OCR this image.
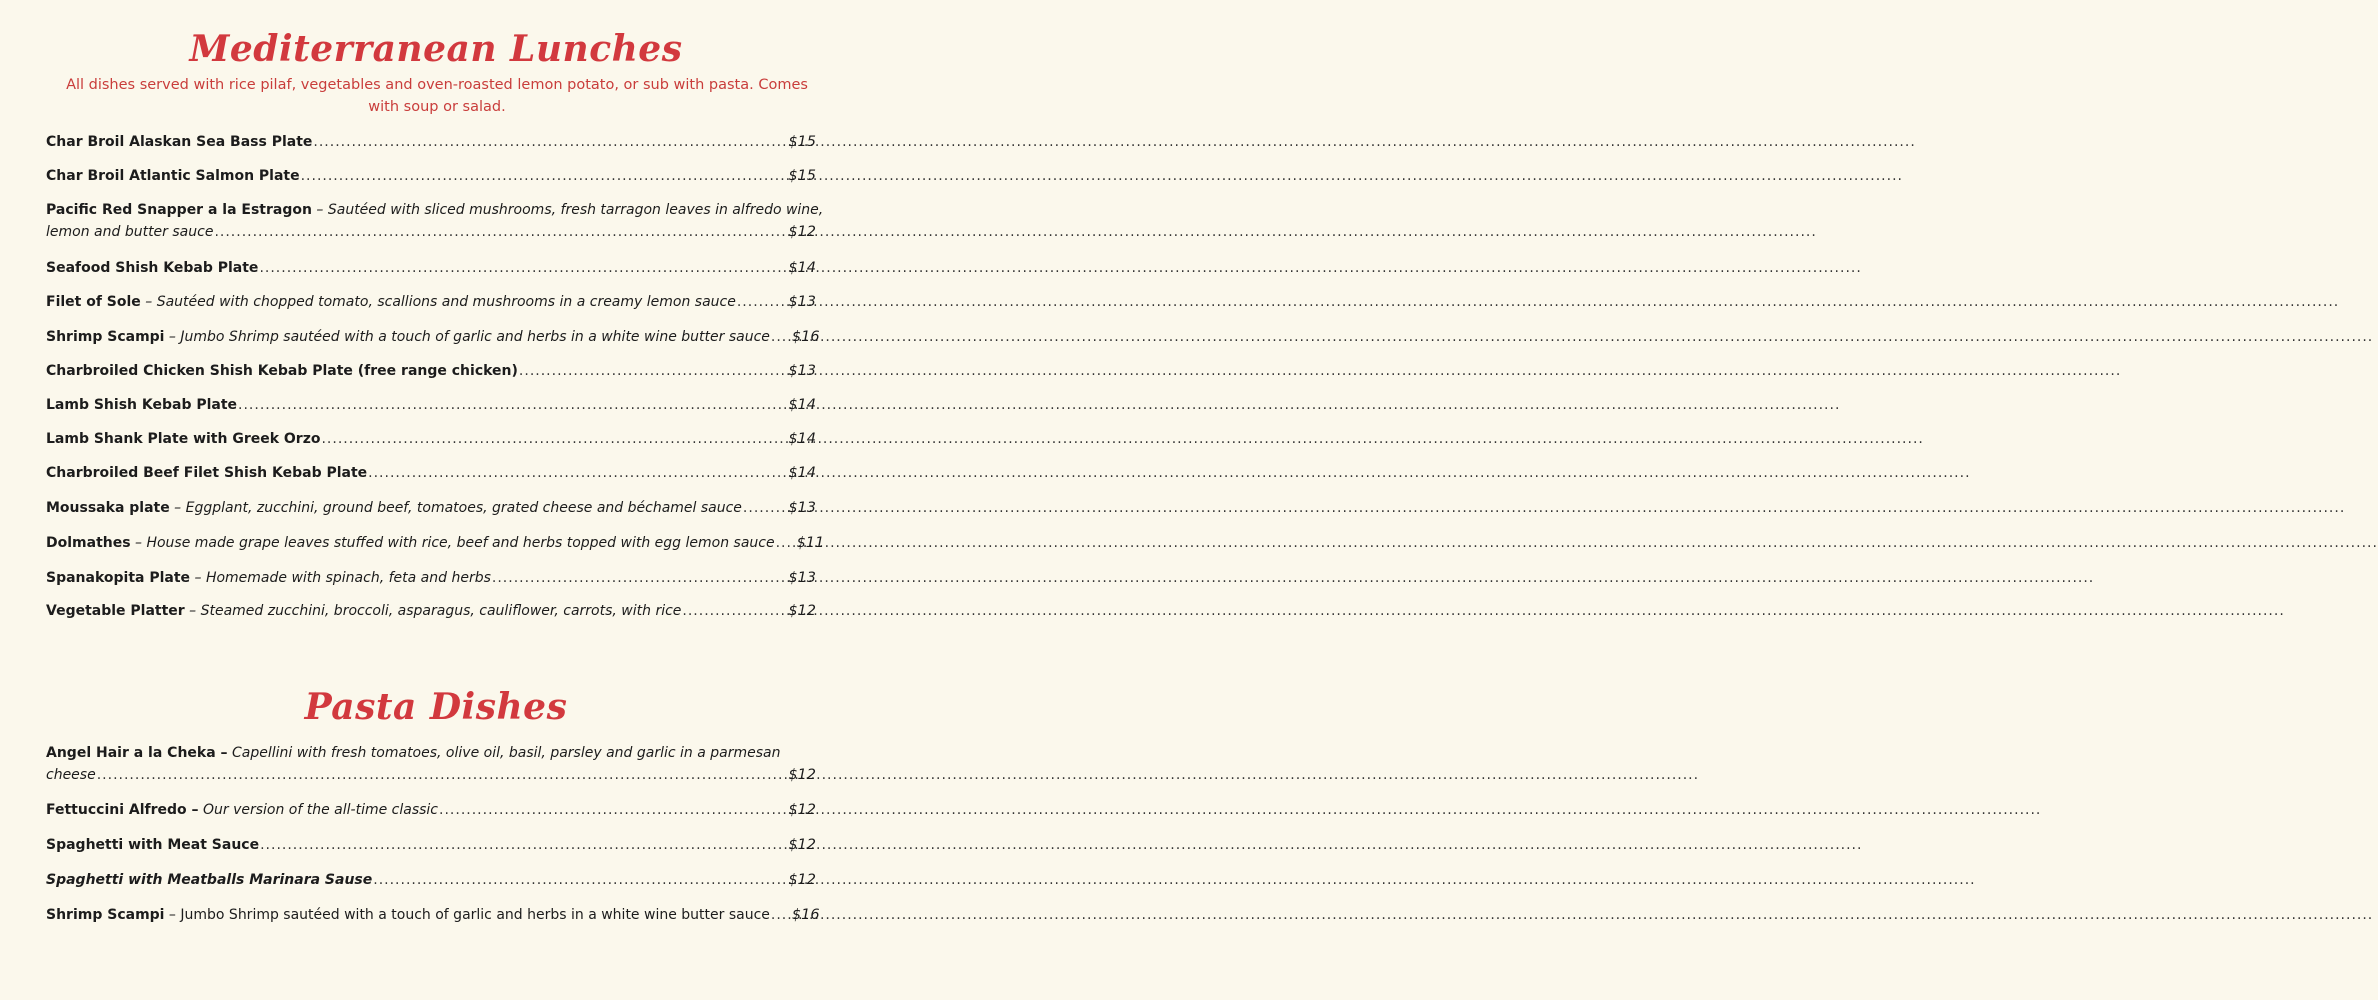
Mediterranean Lunches
All dishes served with rice pilaf, vegetables and oven-roasted lemon potato, or sub with pasta. Comes with soup or salad.
Char Broil Alaskan Sea Bass Plate .....	$15
Char Broil Atlantic Salmon Plate .....	$15
Pacific Red Snapper a la Estragon – Sautéed with sliced mushrooms, fresh tarragon leaves in alfredo wine,
lemon and butter sauce .....	$12
Seafood Shish Kebab Plate .....	$14
Filet of Sole – Sautéed with chopped tomato, scallions and mushrooms in a creamy lemon sauce .....	$13
Shrimp Scampi – Jumbo Shrimp sautéed with a touch of garlic and herbs in a white wine butter sauce ..... $16
Charbroiled Chicken Shish Kebab Plate (free range chicken) .....	$13
Lamb Shish Kebab Plate .....	$14
Lamb Shank Plate with Greek Orzo .....	$14
Charbroiled Beef Filet Shish Kebab Plate .....	$14
Moussaka plate – Eggplant, zucchini, ground beef, tomatoes, grated cheese and béchamel sauce .....	$13
Dolmathes – House made grape leaves stuffed with rice, beef and herbs topped with egg lemon sauce ..... $11
Spanakopita Plate – Homemade with spinach, feta and herbs .....	$13
Vegetable Platter – Steamed zucchini, broccoli, asparagus, cauliflower, carrots, with rice .....	$12
Pasta Dishes
Angel Hair a la Cheka – Capellini with fresh tomatoes, olive oil, basil, parsley and garlic in a parmesan
cheese .....	$12
Fettuccini Alfredo – Our version of the all-time classic .....	$12
Spaghetti with Meat Sauce .....	$12
Spaghetti with Meatballs Marinara Sause .....	$12
Shrimp Scampi – Jumbo Shrimp sautéed with a touch of garlic and herbs in a white wine butter sauce ..... $16
